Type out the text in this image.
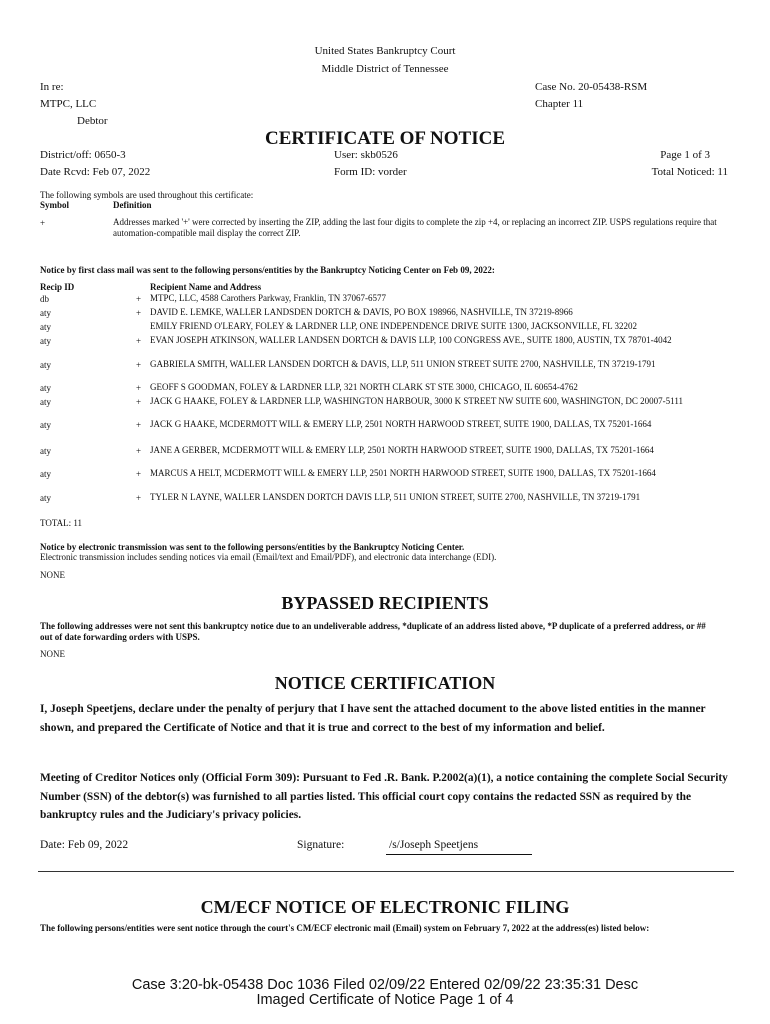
United States Bankruptcy Court
Middle District of Tennessee
In re:
MTPC, LLC
Debtor
Case No. 20-05438-RSM
Chapter 11
CERTIFICATE OF NOTICE
District/off: 0650-3
Date Rcvd: Feb 07, 2022
User: skb0526
Form ID: vorder
Page 1 of 3
Total Noticed: 11
The following symbols are used throughout this certificate:
Symbol	Definition
+	Addresses marked '+' were corrected by inserting the ZIP, adding the last four digits to complete the zip +4, or replacing an incorrect ZIP. USPS regulations require that automation-compatible mail display the correct ZIP.
Notice by first class mail was sent to the following persons/entities by the Bankruptcy Noticing Center on Feb 09, 2022:
Recip ID	Recipient Name and Address
db	+ MTPC, LLC, 4588 Carothers Parkway, Franklin, TN 37067-6577
aty	+ DAVID E. LEMKE, WALLER LANDSDEN DORTCH & DAVIS, PO BOX 198966, NASHVILLE, TN 37219-8966
aty	EMILY FRIEND O'LEARY, FOLEY & LARDNER LLP, ONE INDEPENDENCE DRIVE SUITE 1300, JACKSONVILLE, FL 32202
aty	+ EVAN JOSEPH ATKINSON, WALLER LANDSEN DORTCH & DAVIS LLP, 100 CONGRESS AVE., SUITE 1800, AUSTIN, TX 78701-4042
aty	+ GABRIELA SMITH, WALLER LANSDEN DORTCH & DAVIS, LLP, 511 UNION STREET SUITE 2700, NASHVILLE, TN 37219-1791
aty	+ GEOFF S GOODMAN, FOLEY & LARDNER LLP, 321 NORTH CLARK ST STE 3000, CHICAGO, IL 60654-4762
aty	+ JACK G HAAKE, FOLEY & LARDNER LLP, WASHINGTON HARBOUR, 3000 K STREET NW SUITE 600, WASHINGTON, DC 20007-5111
aty	+ JACK G HAAKE, MCDERMOTT WILL & EMERY LLP, 2501 NORTH HARWOOD STREET, SUITE 1900, DALLAS, TX 75201-1664
aty	+ JANE A GERBER, MCDERMOTT WILL & EMERY LLP, 2501 NORTH HARWOOD STREET, SUITE 1900, DALLAS, TX 75201-1664
aty	+ MARCUS A HELT, MCDERMOTT WILL & EMERY LLP, 2501 NORTH HARWOOD STREET, SUITE 1900, DALLAS, TX 75201-1664
aty	+ TYLER N LAYNE, WALLER LANSDEN DORTCH DAVIS LLP, 511 UNION STREET, SUITE 2700, NASHVILLE, TN 37219-1791
TOTAL: 11
Notice by electronic transmission was sent to the following persons/entities by the Bankruptcy Noticing Center.
Electronic transmission includes sending notices via email (Email/text and Email/PDF), and electronic data interchange (EDI).
NONE
BYPASSED RECIPIENTS
The following addresses were not sent this bankruptcy notice due to an undeliverable address, *duplicate of an address listed above, *P duplicate of a preferred address, or ## out of date forwarding orders with USPS.
NONE
NOTICE CERTIFICATION
I, Joseph Speetjens, declare under the penalty of perjury that I have sent the attached document to the above listed entities in the manner shown, and prepared the Certificate of Notice and that it is true and correct to the best of my information and belief.
Meeting of Creditor Notices only (Official Form 309): Pursuant to Fed .R. Bank. P.2002(a)(1), a notice containing the complete Social Security Number (SSN) of the debtor(s) was furnished to all parties listed. This official court copy contains the redacted SSN as required by the bankruptcy rules and the Judiciary's privacy policies.
Date: Feb 09, 2022	Signature:	/s/Joseph Speetjens
CM/ECF NOTICE OF ELECTRONIC FILING
The following persons/entities were sent notice through the court's CM/ECF electronic mail (Email) system on February 7, 2022 at the address(es) listed below:
Case 3:20-bk-05438 Doc 1036 Filed 02/09/22 Entered 02/09/22 23:35:31 Desc
Imaged Certificate of Notice Page 1 of 4
